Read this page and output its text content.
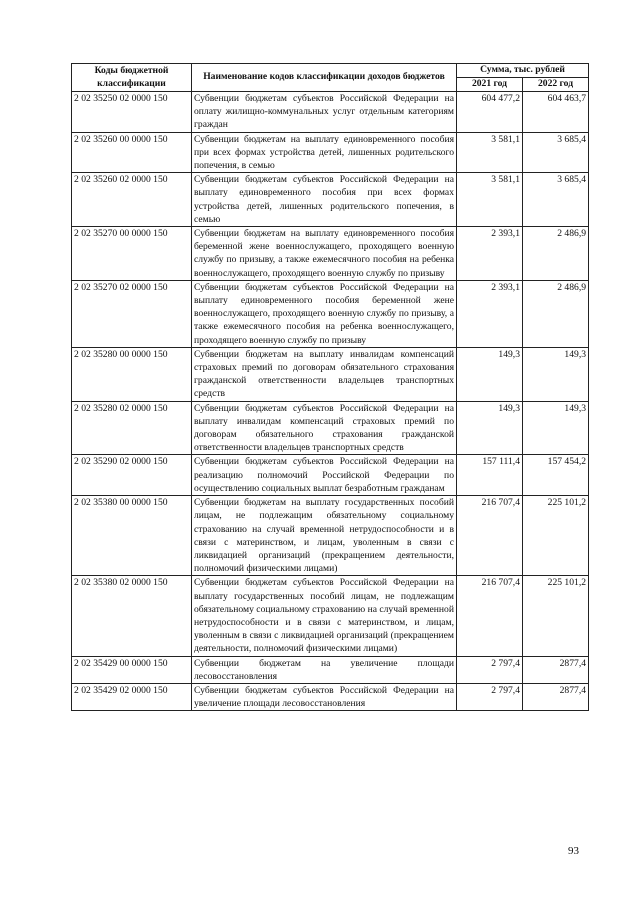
Коды бюджетной классификации	Наименование кодов классификации доходов бюджетов	Сумма, тыс. рублей	
		2021 год	2022 год
2 02 35250 02 0000 150	Субвенции бюджетам субъектов Российской Федерации на оплату жилищно-коммунальных услуг отдельным категориям граждан	604 477,2	604 463,7
2 02 35260 00 0000 150	Субвенции бюджетам на выплату единовременного пособия при всех формах устройства детей, лишенных родительского попечения, в семью	3 581,1	3 685,4
2 02 35260 02 0000 150	Субвенции бюджетам субъектов Российской Федерации на выплату единовременного пособия при всех формах устройства детей, лишенных родительского попечения, в семью	3 581,1	3 685,4
2 02 35270 00 0000 150	Субвенции бюджетам на выплату единовременного пособия беременной жене военнослужащего, проходящего военную службу по призыву, а также ежемесячного пособия на ребенка военнослужащего, проходящего военную службу по призыву	2 393,1	2 486,9
2 02 35270 02 0000 150	Субвенции бюджетам субъектов Российской Федерации на выплату единовременного пособия беременной жене военнослужащего, проходящего военную службу по призыву, а также ежемесячного пособия на ребенка военнослужащего, проходящего военную службу по призыву	2 393,1	2 486,9
2 02 35280 00 0000 150	Субвенции бюджетам на выплату инвалидам компенсаций страховых премий по договорам обязательного страхования гражданской ответственности владельцев транспортных средств	149,3	149,3
2 02 35280 02 0000 150	Субвенции бюджетам субъектов Российской Федерации на выплату инвалидам компенсаций страховых премий по договорам обязательного страхования гражданской ответственности владельцев транспортных средств	149,3	149,3
2 02 35290 02 0000 150	Субвенции бюджетам субъектов Российской Федерации на реализацию полномочий Российской Федерации по осуществлению социальных выплат безработным гражданам	157 111,4	157 454,2
2 02 35380 00 0000 150	Субвенции бюджетам на выплату государственных пособий лицам, не подлежащим обязательному социальному страхованию на случай временной нетрудоспособности и в связи с материнством, и лицам, уволенным в связи с ликвидацией организаций (прекращением деятельности, полномочий физическими лицами)	216 707,4	225 101,2
2 02 35380 02 0000 150	Субвенции бюджетам субъектов Российской Федерации на выплату государственных пособий лицам, не подлежащим обязательному социальному страхованию на случай временной нетрудоспособности и в связи с материнством, и лицам, уволенным в связи с ликвидацией организаций (прекращением деятельности, полномочий физическими лицами)	216 707,4	225 101,2
2 02 35429 00 0000 150	Субвенции бюджетам на увеличение площади лесовосстановления	2 797,4	2877,4
2 02 35429 02 0000 150	Субвенции бюджетам субъектов Российской Федерации на увеличение площади лесовосстановления	2 797,4	2877,4
93
